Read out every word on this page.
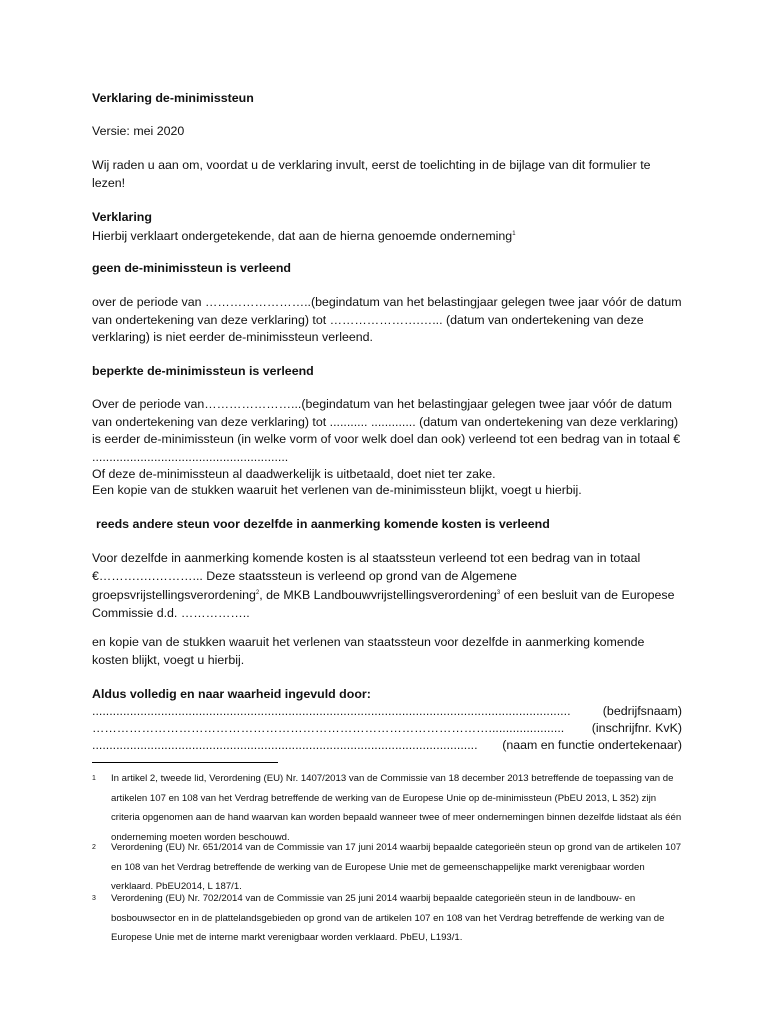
Verklaring de-minimissteun

Versie: mei 2020

Wij raden u aan om, voordat u de verklaring invult, eerst de toelichting in de bijlage van dit formulier te lezen!

Verklaring

Hierbij verklaart ondergetekende, dat aan de hierna genoemde onderneming$^1$

geen de-minimissteun is verleend

over de periode van ……………………..(begindatum van het belastingjaar gelegen twee jaar vóór de datum van ondertekening van deze verklaring) tot ………………….…... (datum van ondertekening van deze verklaring) is niet eerder de-minimissteun verleend.

beperkte de-minimissteun is verleend

Over de periode van…………………...(begindatum van het belastingjaar gelegen twee jaar vóór de datum van ondertekening van deze verklaring) tot ........... ............. (datum van ondertekening van deze verklaring) is eerder de-minimissteun (in welke vorm of voor welk doel dan ook) verleend tot een bedrag van in totaal € .........................................................

Of deze de-minimissteun al daadwerkelijk is uitbetaald, doet niet ter zake.

Een kopie van de stukken waaruit het verlenen van de-minimissteun blijkt, voegt u hierbij.

reeds andere steun voor dezelfde in aanmerking komende kosten is verleend

Voor dezelfde in aanmerking komende kosten is al staatssteun verleend tot een bedrag van in totaal €……….….………... Deze staatssteun is verleend op grond van de Algemene groepsvrijstellingsverordening$^2$, de MKB Landbouwvrijstellingsverordening$^3$ of een besluit van de Europese Commissie d.d. ……………..

en kopie van de stukken waaruit het verlenen van staatssteun voor dezelfde in aanmerking komende kosten blijkt, voegt u hierbij.

Aldus volledig en naar waarheid ingevuld door:

...........................................................................................................................................	(bedrijfsnaam)
……………………………………………………………………………………......................	(inschrijfnr. KvK)
................................................................................................................	(naam en functie ondertekenaar)
1 In artikel 2, tweede lid, Verordening (EU) Nr. 1407/2013 van de Commissie van 18 december 2013 betreffende de toepassing van de artikelen 107 en 108 van het Verdrag betreffende de werking van de Europese Unie op de-minimissteun (PbEU 2013, L 352) zijn criteria opgenomen aan de hand waarvan kan worden bepaald wanneer twee of meer ondernemingen binnen dezelfde lidstaat als één onderneming moeten worden beschouwd.
2 Verordening (EU) Nr. 651/2014 van de Commissie van 17 juni 2014 waarbij bepaalde categorieën steun op grond van de artikelen 107 en 108 van het Verdrag betreffende de werking van de Europese Unie met de gemeenschappelijke markt verenigbaar worden verklaard. PbEU2014, L 187/1.
3 Verordening (EU) Nr. 702/2014 van de Commissie van 25 juni 2014 waarbij bepaalde categorieën steun in de landbouw- en bosbouwsector en in de plattelandsgebieden op grond van de artikelen 107 en 108 van het Verdrag betreffende de werking van de Europese Unie met de interne markt verenigbaar worden verklaard. PbEU, L193/1.
